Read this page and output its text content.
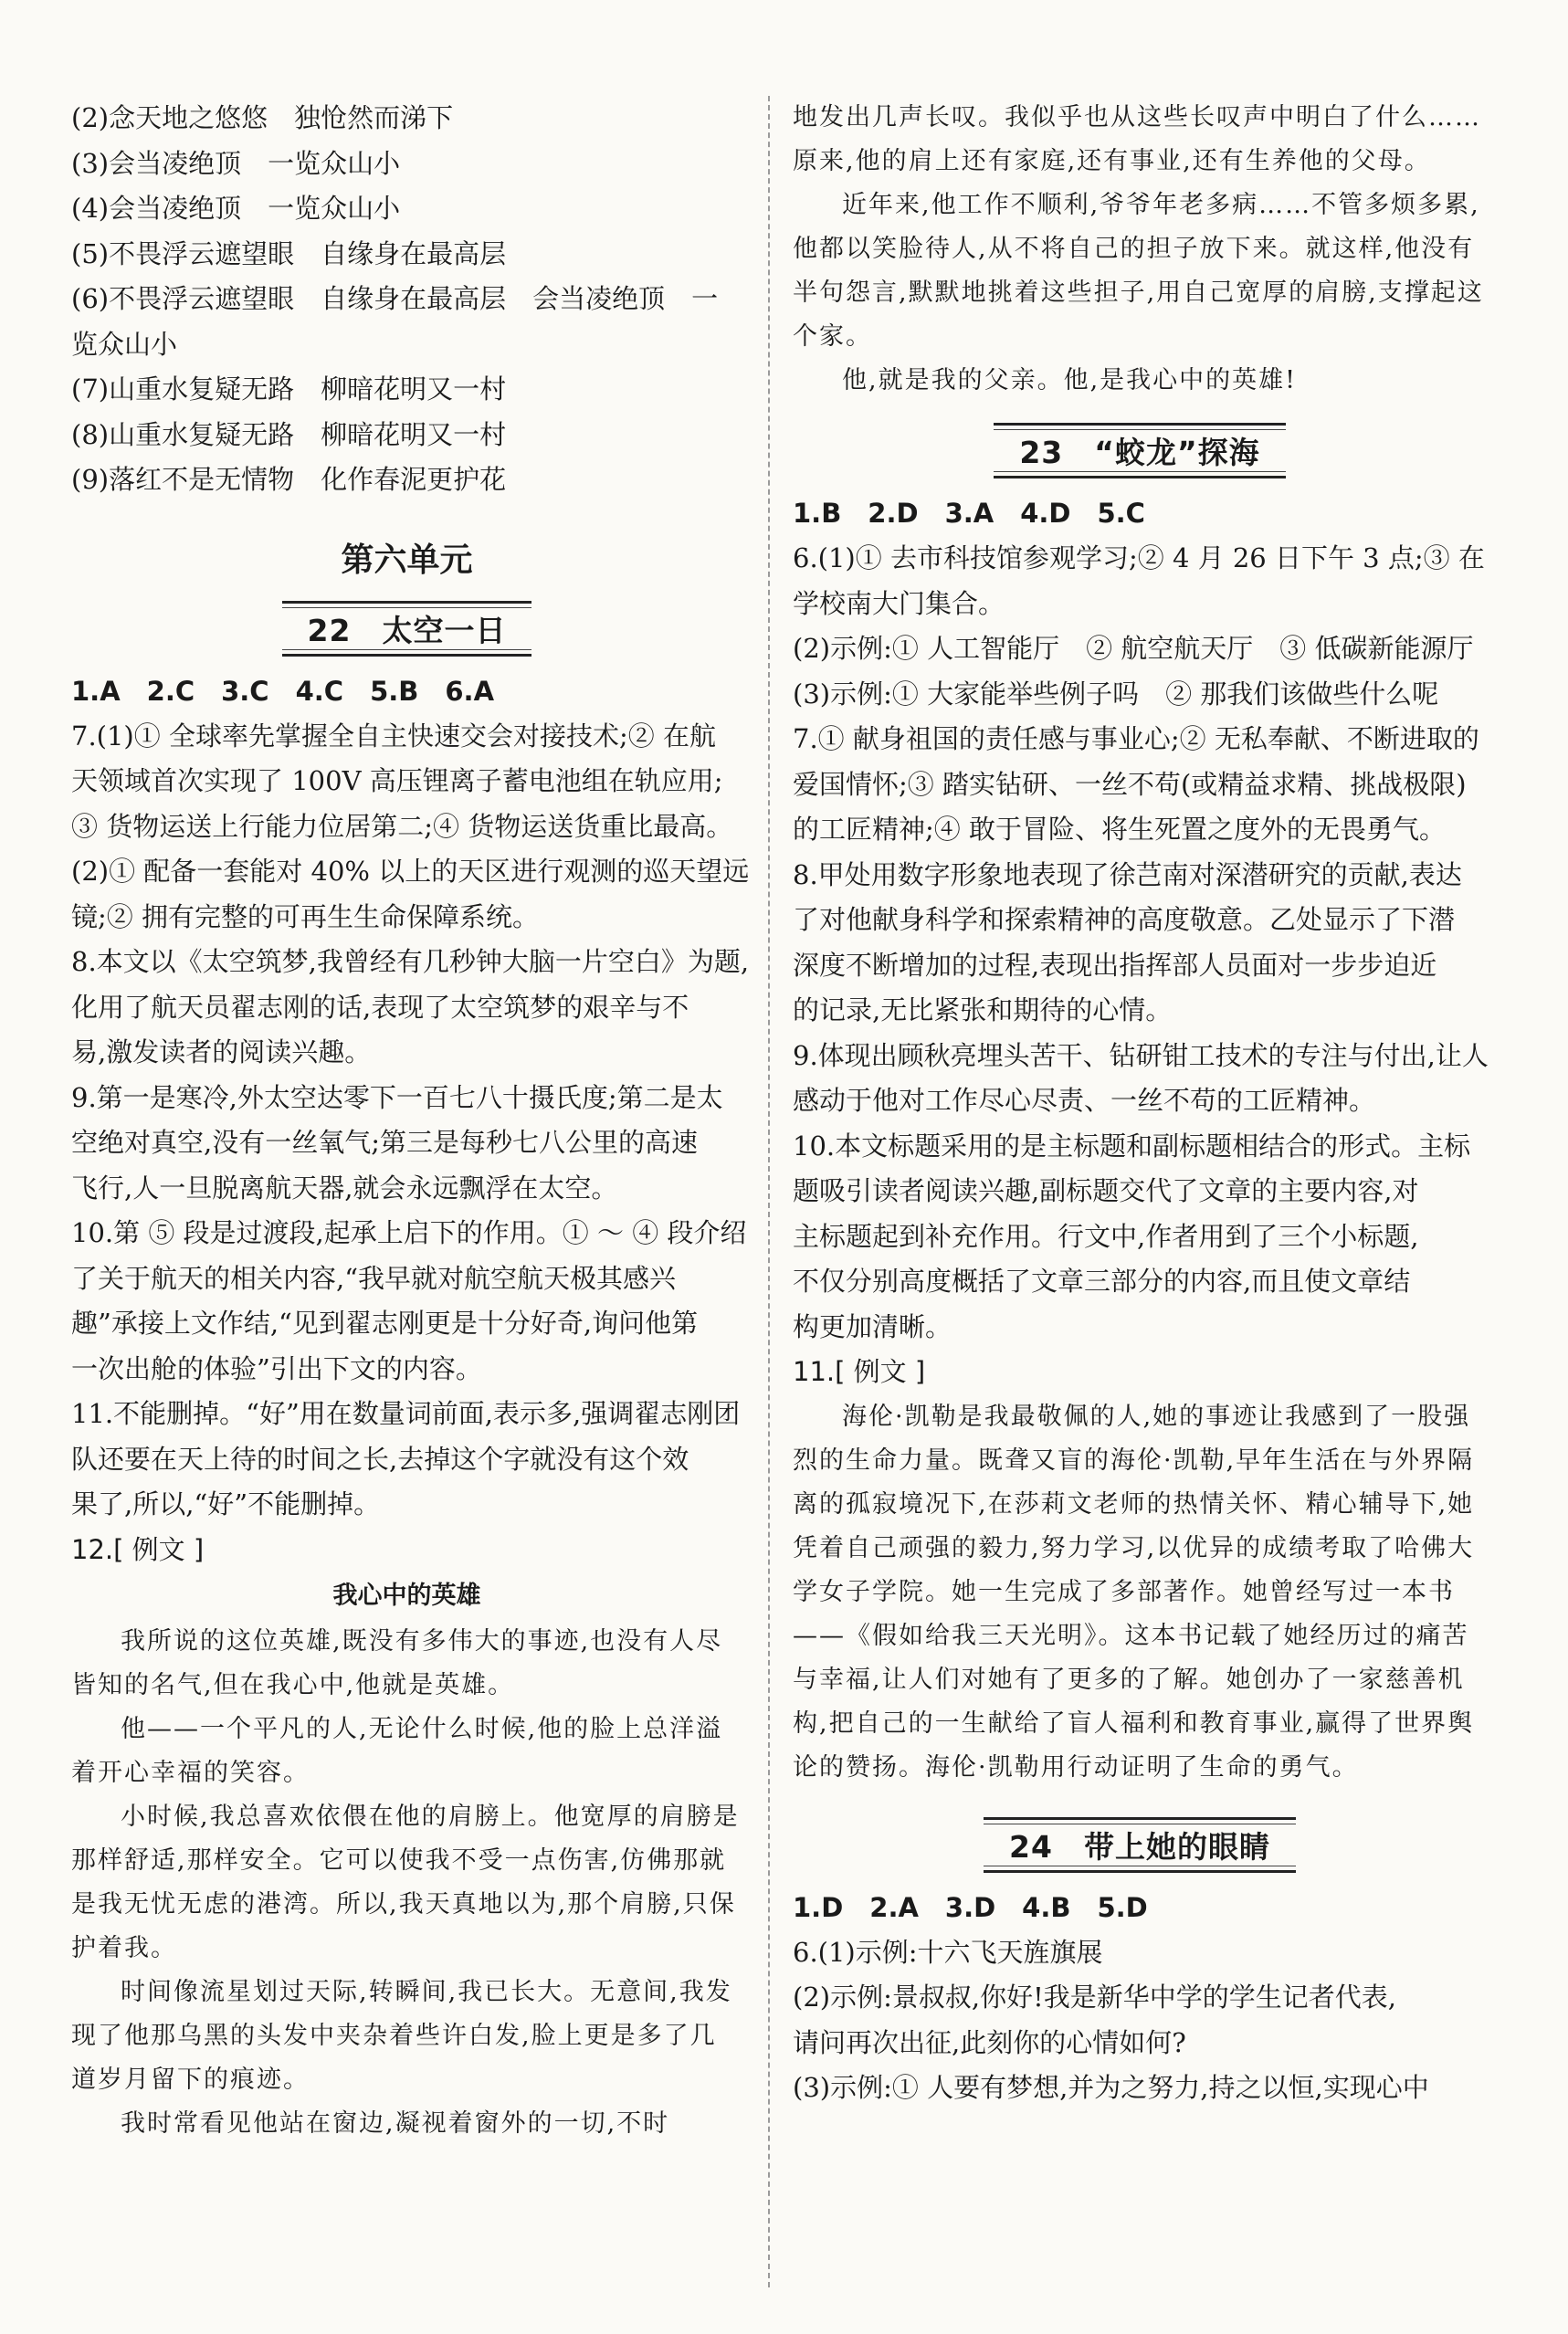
(2)念天地之悠悠　独怆然而涕下
(3)会当凌绝顶　一览众山小
(4)会当凌绝顶　一览众山小
(5)不畏浮云遮望眼　自缘身在最高层
(6)不畏浮云遮望眼　自缘身在最高层　会当凌绝顶　一
览众山小
(7)山重水复疑无路　柳暗花明又一村
(8)山重水复疑无路　柳暗花明又一村
(9)落红不是无情物　化作春泥更护花
第六单元
22　太空一日
1.A　2.C　3.C　4.C　5.B　6.A
7.(1)① 全球率先掌握全自主快速交会对接技术;② 在航
天领域首次实现了 100V 高压锂离子蓄电池组在轨应用;
③ 货物运送上行能力位居第二;④ 货物运送货重比最高。
(2)① 配备一套能对 40% 以上的天区进行观测的巡天望远
镜;② 拥有完整的可再生生命保障系统。
8.本文以《太空筑梦,我曾经有几秒钟大脑一片空白》为题,
化用了航天员翟志刚的话,表现了太空筑梦的艰辛与不
易,激发读者的阅读兴趣。
9.第一是寒冷,外太空达零下一百七八十摄氏度;第二是太
空绝对真空,没有一丝氧气;第三是每秒七八公里的高速
飞行,人一旦脱离航天器,就会永远飘浮在太空。
10.第 ⑤ 段是过渡段,起承上启下的作用。① ～ ④ 段介绍
了关于航天的相关内容,“我早就对航空航天极其感兴
趣”承接上文作结,“见到翟志刚更是十分好奇,询问他第
一次出舱的体验”引出下文的内容。
11.不能删掉。“好”用在数量词前面,表示多,强调翟志刚团
队还要在天上待的时间之长,去掉这个字就没有这个效
果了,所以,“好”不能删掉。
12.[ 例文 ]
我心中的英雄

我所说的这位英雄,既没有多伟大的事迹,也没有人尽皆知的名气,但在我心中,他就是英雄。

他——一个平凡的人,无论什么时候,他的脸上总洋溢着开心幸福的笑容。

小时候,我总喜欢依偎在他的肩膀上。他宽厚的肩膀是那样舒适,那样安全。它可以使我不受一点伤害,仿佛那就是我无忧无虑的港湾。所以,我天真地以为,那个肩膀,只保护着我。

时间像流星划过天际,转瞬间,我已长大。无意间,我发现了他那乌黑的头发中夹杂着些许白发,脸上更是多了几道岁月留下的痕迹。

我时常看见他站在窗边,凝视着窗外的一切,不时

地发出几声长叹。我似乎也从这些长叹声中明白了什么……原来,他的肩上还有家庭,还有事业,还有生养他的父母。

近年来,他工作不顺利,爷爷年老多病……不管多烦多累,他都以笑脸待人,从不将自己的担子放下来。就这样,他没有半句怨言,默默地挑着这些担子,用自己宽厚的肩膀,支撑起这个家。

他,就是我的父亲。他,是我心中的英雄!

23　“蛟龙”探海
1.B　2.D　3.A　4.D　5.C
6.(1)① 去市科技馆参观学习;② 4 月 26 日下午 3 点;③ 在
学校南大门集合。
(2)示例:① 人工智能厅　② 航空航天厅　③ 低碳新能源厅
(3)示例:① 大家能举些例子吗　② 那我们该做些什么呢
7.① 献身祖国的责任感与事业心;② 无私奉献、不断进取的
爱国情怀;③ 踏实钻研、一丝不苟(或精益求精、挑战极限)
的工匠精神;④ 敢于冒险、将生死置之度外的无畏勇气。
8.甲处用数字形象地表现了徐芑南对深潜研究的贡献,表达
了对他献身科学和探索精神的高度敬意。乙处显示了下潜
深度不断增加的过程,表现出指挥部人员面对一步步迫近
的记录,无比紧张和期待的心情。
9.体现出顾秋亮埋头苦干、钻研钳工技术的专注与付出,让人
感动于他对工作尽心尽责、一丝不苟的工匠精神。
10.本文标题采用的是主标题和副标题相结合的形式。主标
题吸引读者阅读兴趣,副标题交代了文章的主要内容,对
主标题起到补充作用。行文中,作者用到了三个小标题,
不仅分别高度概括了文章三部分的内容,而且使文章结
构更加清晰。
11.[ 例文 ]

海伦·凯勒是我最敬佩的人,她的事迹让我感到了一股强烈的生命力量。既聋又盲的海伦·凯勒,早年生活在与外界隔离的孤寂境况下,在莎莉文老师的热情关怀、精心辅导下,她凭着自己顽强的毅力,努力学习,以优异的成绩考取了哈佛大学女子学院。她一生完成了多部著作。她曾经写过一本书——《假如给我三天光明》。这本书记载了她经历过的痛苦与幸福,让人们对她有了更多的了解。她创办了一家慈善机构,把自己的一生献给了盲人福利和教育事业,赢得了世界舆论的赞扬。海伦·凯勒用行动证明了生命的勇气。

24　带上她的眼睛
1.D　2.A　3.D　4.B　5.D
6.(1)示例:十六飞天旌旗展
(2)示例:景叔叔,你好!我是新华中学的学生记者代表,
请问再次出征,此刻你的心情如何?
(3)示例:① 人要有梦想,并为之努力,持之以恒,实现心中
